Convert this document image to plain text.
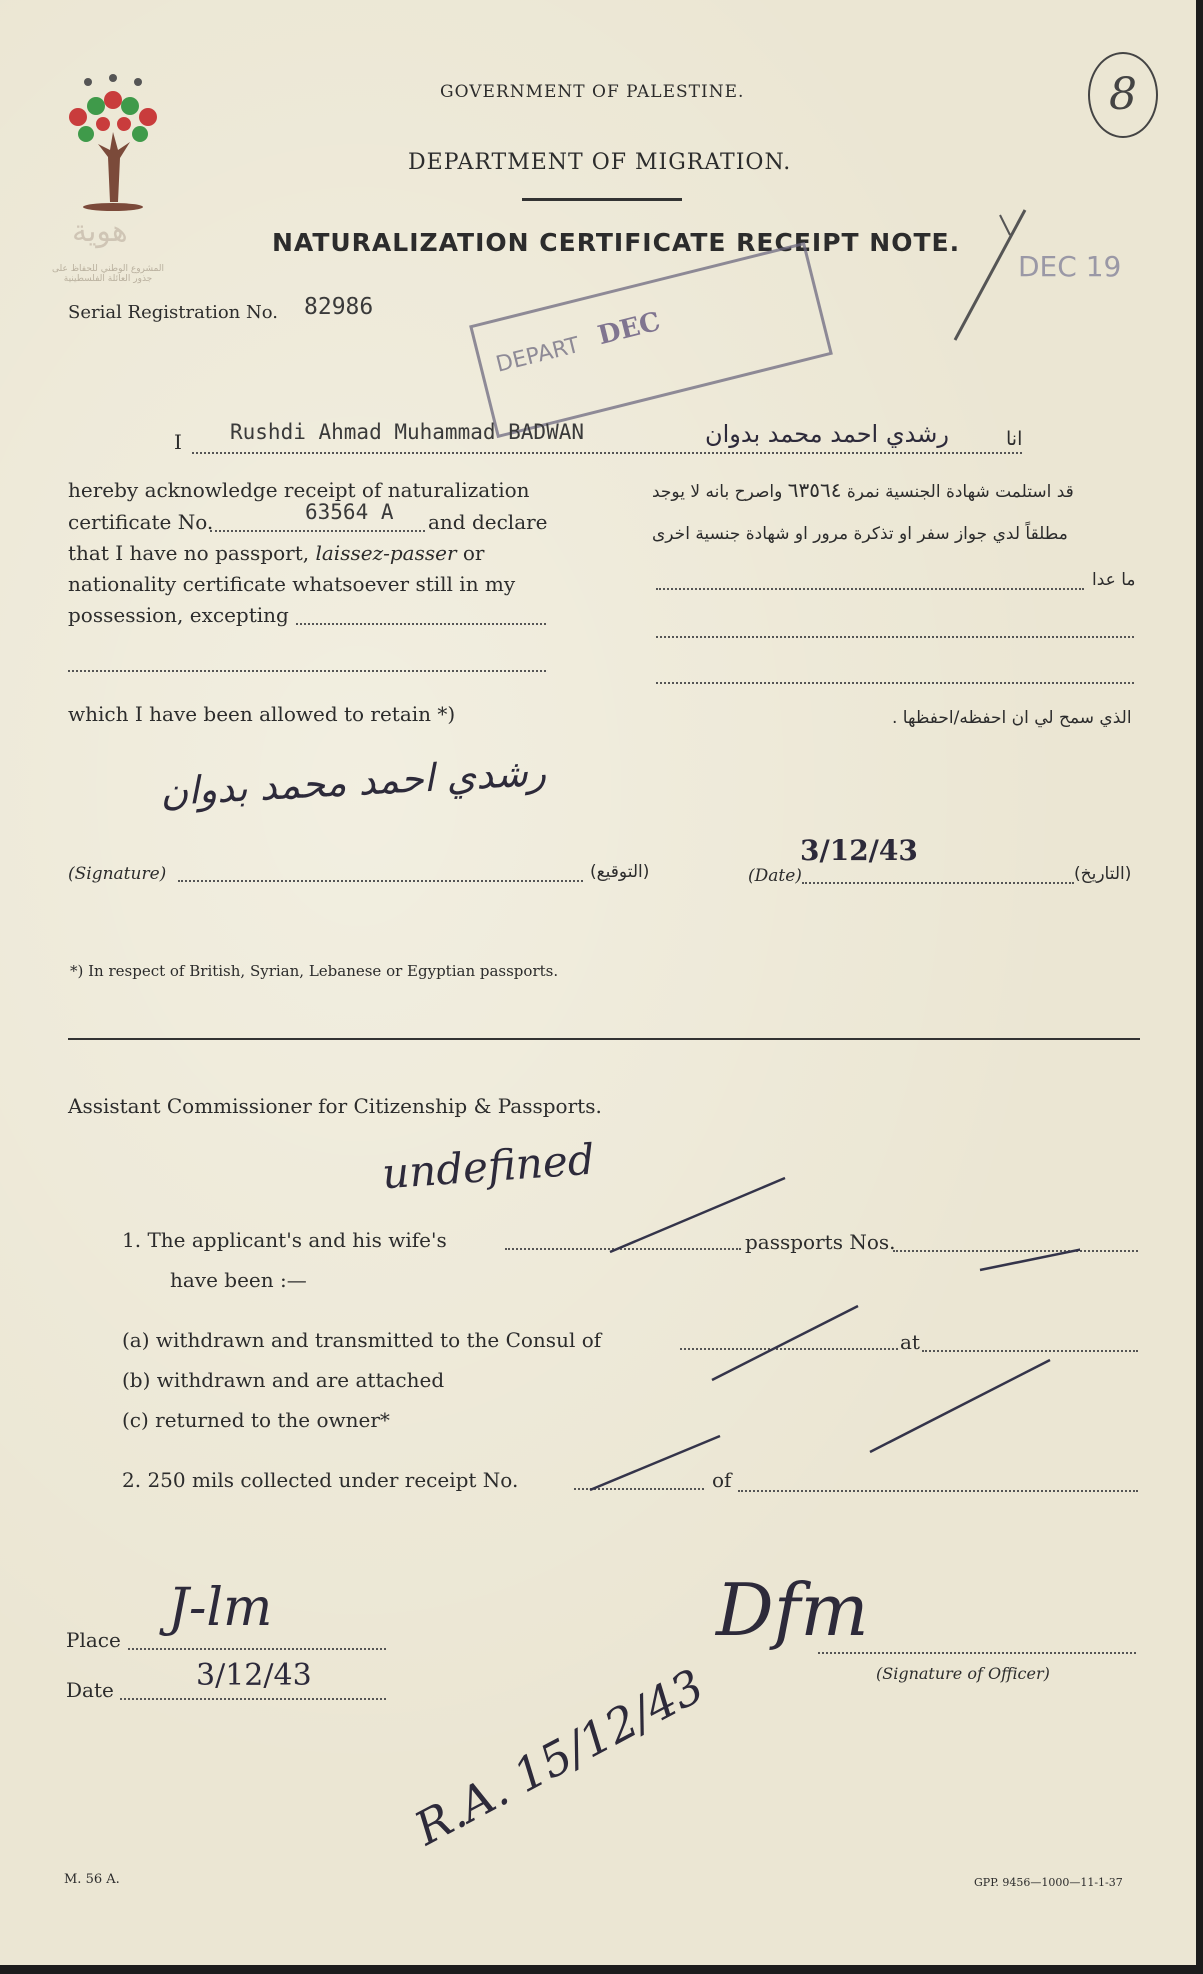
هوية
المشروع الوطني للحفاظ على جذور العائلة الفلسطينية
GOVERNMENT OF PALESTINE.
DEPARTMENT OF MIGRATION.
NATURALIZATION CERTIFICATE RECEIPT NOTE.
8
DEC 19
DEPART
DEC
Serial Registration No. 82986
I Rushdi Ahmad Muhammad BADWAN	رشدي احمد محمد بدوان	انا
hereby acknowledge receipt of naturalization
certificate No.	63564 A and declare
that I have no passport, laissez-passer or
nationality certificate whatsoever still in my
possession, excepting
which I have been allowed to retain *)
قد استلمت شهادة الجنسية نمرة ٦٣٥٦٤ واصرح بانه لا يوجد
مطلقاً لدي جواز سفر او تذكرة مرور او شهادة جنسية اخرى
ما عدا
الذي سمح لي ان احفظه/احفظها .
رشدي احمد محمد بدوان
(Signature)	(التوقيع)	(Date)
3/12/43
(التاريخ)
*) In respect of British, Syrian, Lebanese or Egyptian passports.
Assistant Commissioner for Citizenship & Passports.
undefined
1. The applicant's and his wife's	passports Nos.
have been :—
(a) withdrawn and transmitted to the Consul of	at
(b) withdrawn and are attached
(c) returned to the owner*
2. 250 mils collected under receipt No.	of
Place
J-lm
Date	3/12/43
Dfm
(Signature of Officer)
R.A. 15/12/43
M. 56 A.	GPP. 9456—1000—11-1-37
